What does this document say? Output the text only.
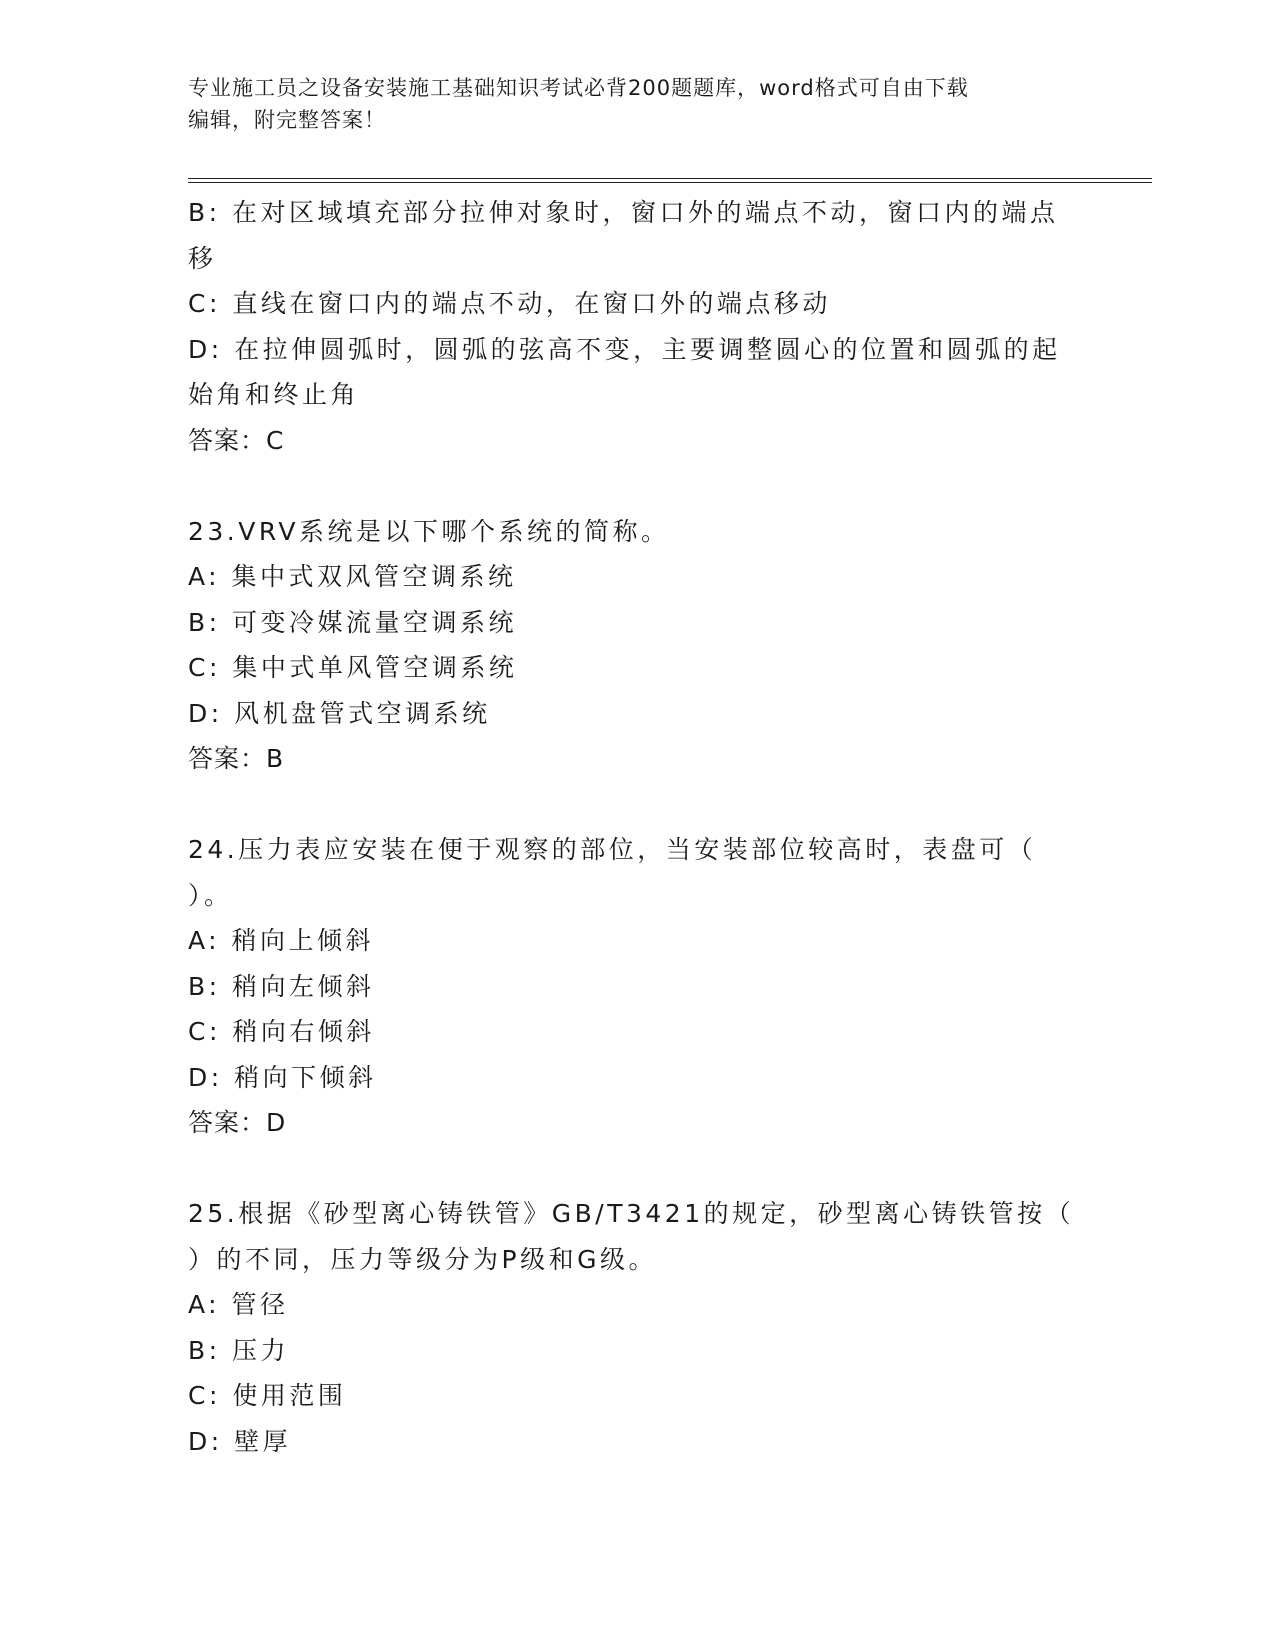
专业施工员之设备安装施工基础知识考试必背200题题库，word格式可自由下载
编辑，附完整答案！
B: 在对区域填充部分拉伸对象时，窗口外的端点不动，窗口内的端点
移
C: 直线在窗口内的端点不动，在窗口外的端点移动
D: 在拉伸圆弧时，圆弧的弦高不变，主要调整圆心的位置和圆弧的起
始角和终止角
答案：C
23.VRV系统是以下哪个系统的简称。
A: 集中式双风管空调系统
B: 可变冷媒流量空调系统
C: 集中式单风管空调系统
D: 风机盘管式空调系统
答案：B
24.压力表应安装在便于观察的部位，当安装部位较高时，表盘可（
）。
A: 稍向上倾斜
B: 稍向左倾斜
C: 稍向右倾斜
D: 稍向下倾斜
答案：D
25.根据《砂型离心铸铁管》GB/T3421的规定，砂型离心铸铁管按（
）的不同，压力等级分为P级和G级。
A: 管径
B: 压力
C: 使用范围
D: 壁厚
